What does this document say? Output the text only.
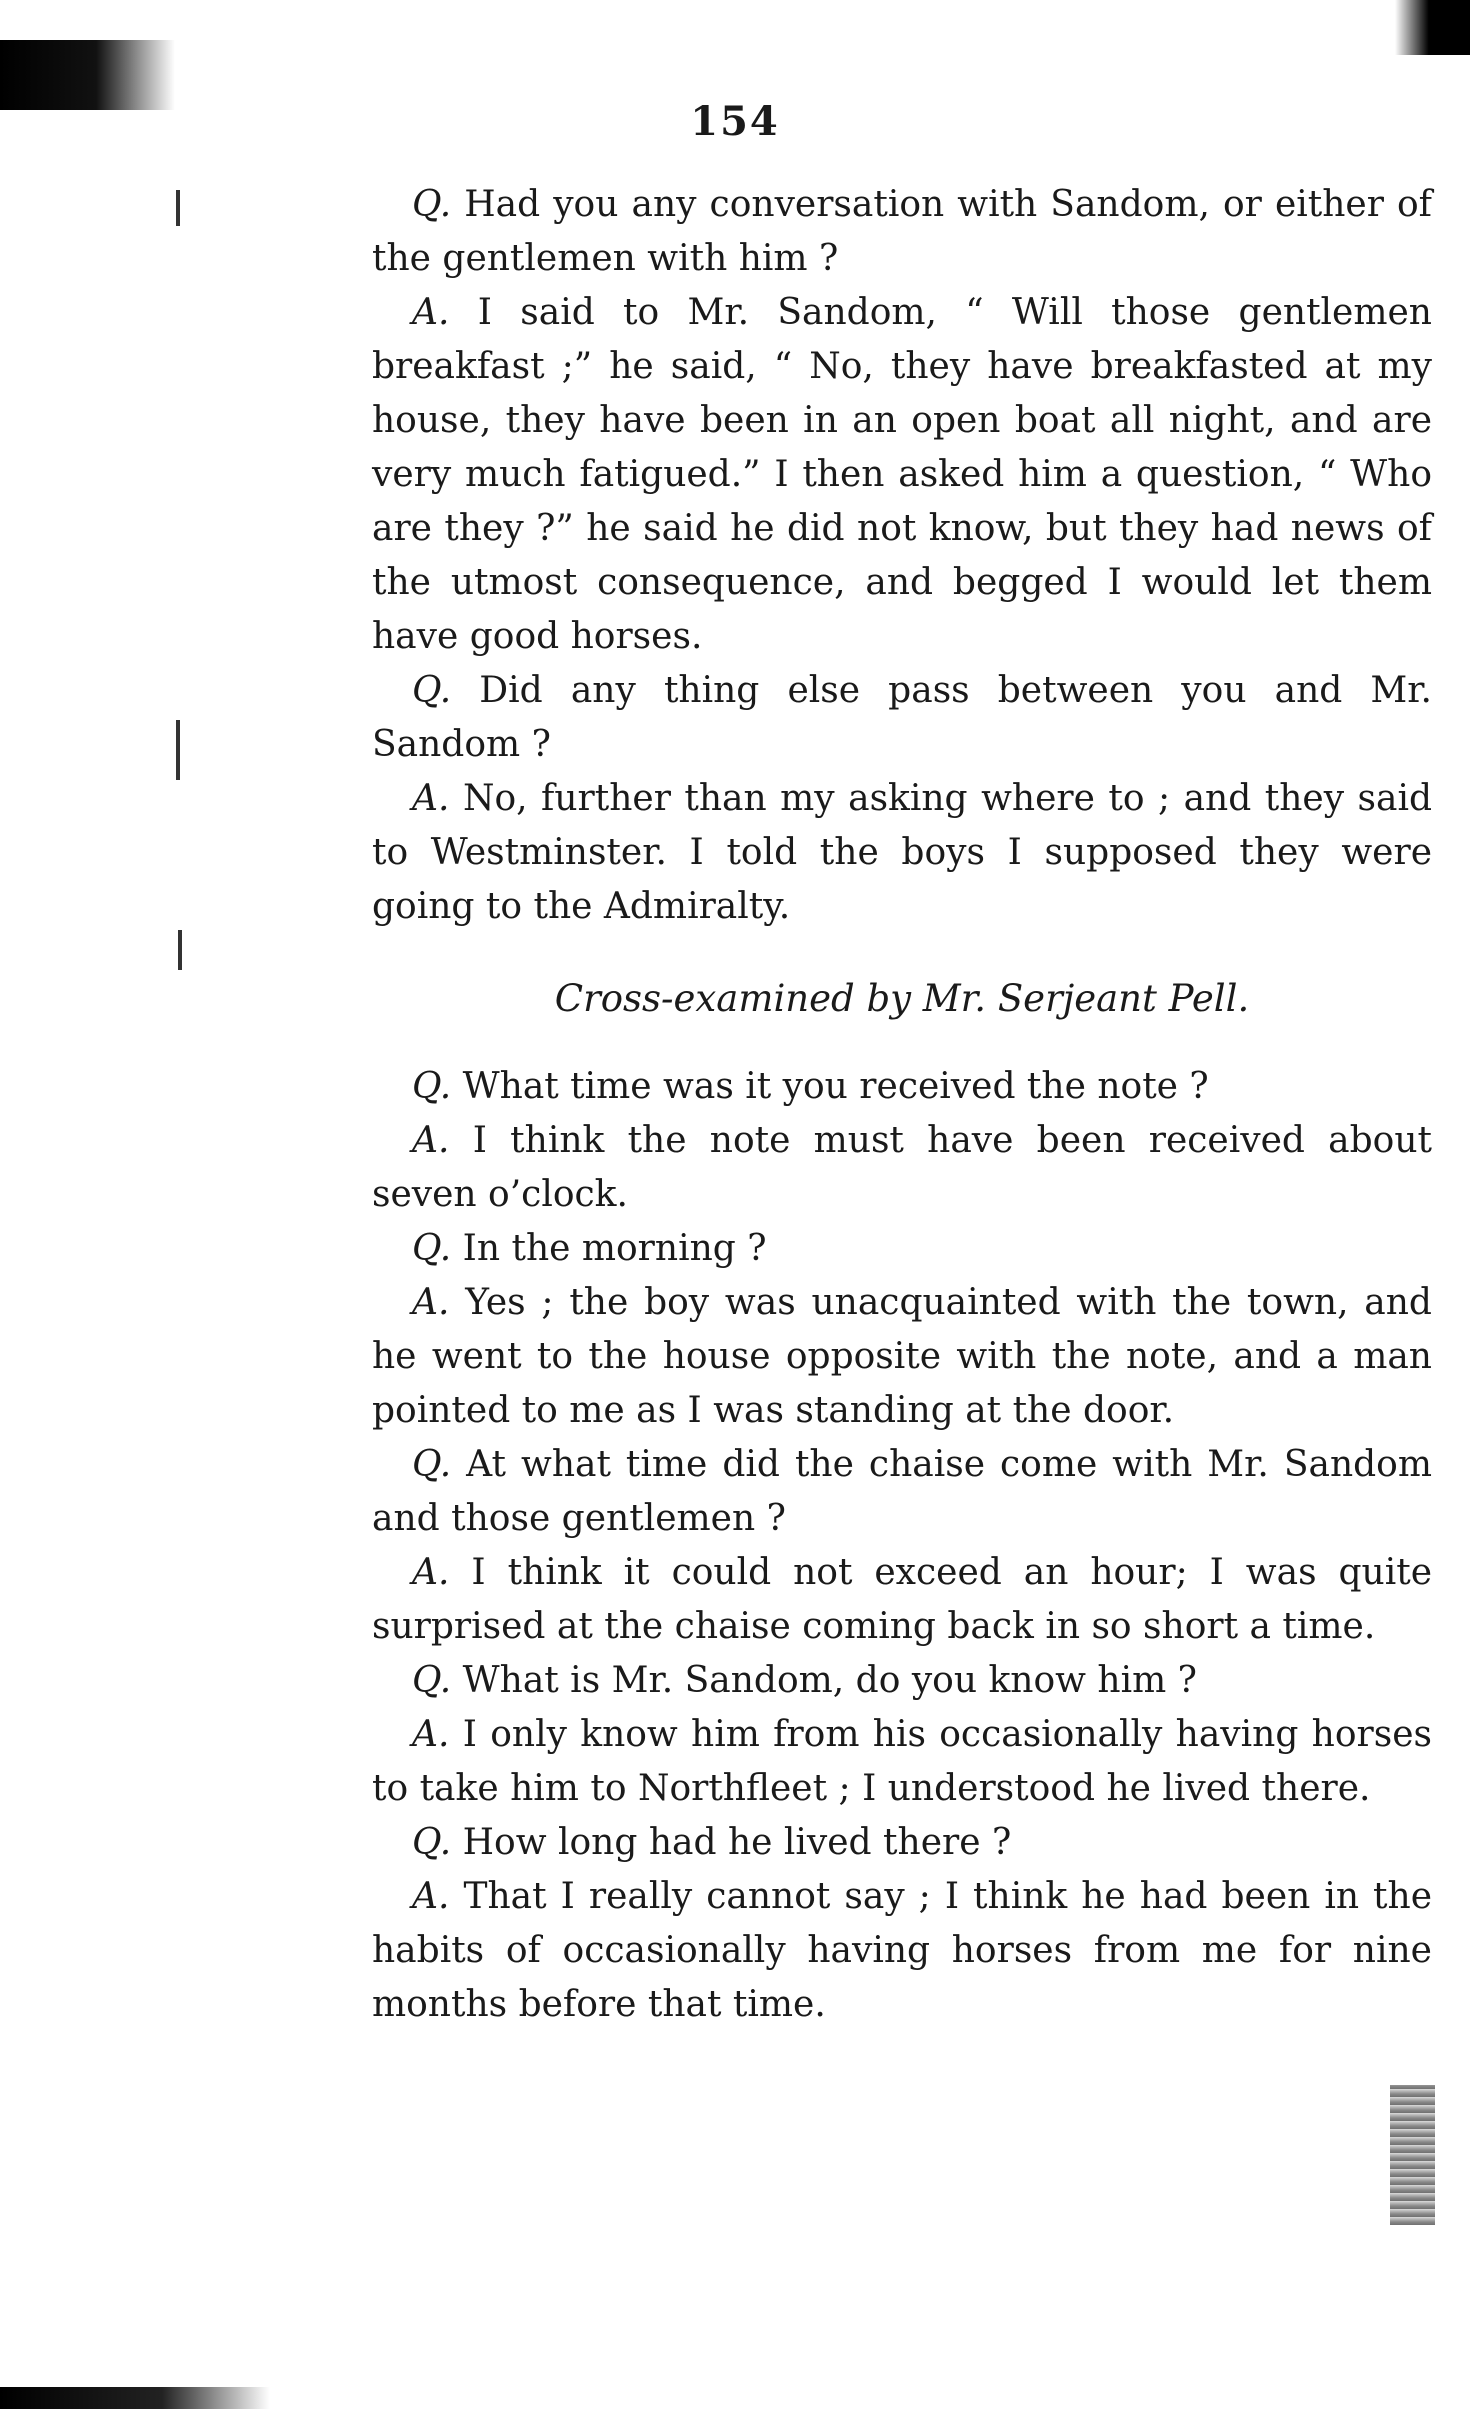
154

Q. Had you any conversation with Sandom, or either of the gentlemen with him ?

A. I said to Mr. Sandom, “ Will those gentlemen breakfast ;” he said, “ No, they have breakfasted at my house, they have been in an open boat all night, and are very much fatigued.” I then asked him a question, “ Who are they ?” he said he did not know, but they had news of the utmost consequence, and begged I would let them have good horses.

Q. Did any thing else pass between you and Mr. Sandom ?

A. No, further than my asking where to ; and they said to Westminster. I told the boys I supposed they were going to the Admiralty.

Cross-examined by Mr. Serjeant Pell.

Q. What time was it you received the note ?

A. I think the note must have been received about seven o’clock.

Q. In the morning ?

A. Yes ; the boy was unacquainted with the town, and he went to the house opposite with the note, and a man pointed to me as I was standing at the door.

Q. At what time did the chaise come with Mr. Sandom and those gentlemen ?

A. I think it could not exceed an hour; I was quite surprised at the chaise coming back in so short a time.

Q. What is Mr. Sandom, do you know him ?

A. I only know him from his occasionally having horses to take him to Northfleet ; I understood he lived there.

Q. How long had he lived there ?

A. That I really cannot say ; I think he had been in the habits of occasionally having horses from me for nine months before that time.
